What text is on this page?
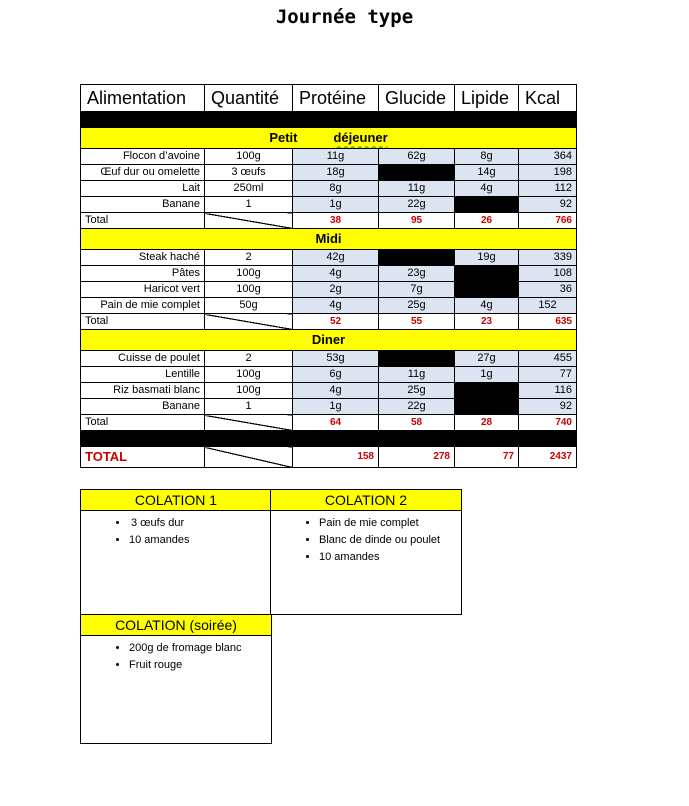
Journée type
Alimentation	Quantité	Protéine	Glucide	Lipide	Kcal

Petit déjeuner					
Flocon d’avoine	100g	11g	62g	8g	364
Œuf dur ou omelette	3 œufs	18g		14g	198
Lait	250ml	8g	11g	4g	112
Banane	1	1g	22g		92
Total		38	95	26	766
Midi					
Steak haché	2	42g		19g	339
Pâtes	100g	4g	23g		108
Haricot vert	100g	2g	7g		36
Pain de mie complet	50g	4g	25g	4g	152
Total		52	55	23	635
Diner					
Cuisse de poulet	2	53g		27g	455
Lentille	100g	6g	11g	1g	77
Riz basmati blanc	100g	4g	25g		116
Banane	1	1g	22g		92
Total		64	58	28	740

TOTAL		158	278	77	2437
COLATION 1
• 3 œufs dur
• 10 amandes
COLATION 2
• Pain de mie complet
• Blanc de dinde ou poulet
• 10 amandes
COLATION (soirée)
• 200g de fromage blanc
• Fruit rouge
